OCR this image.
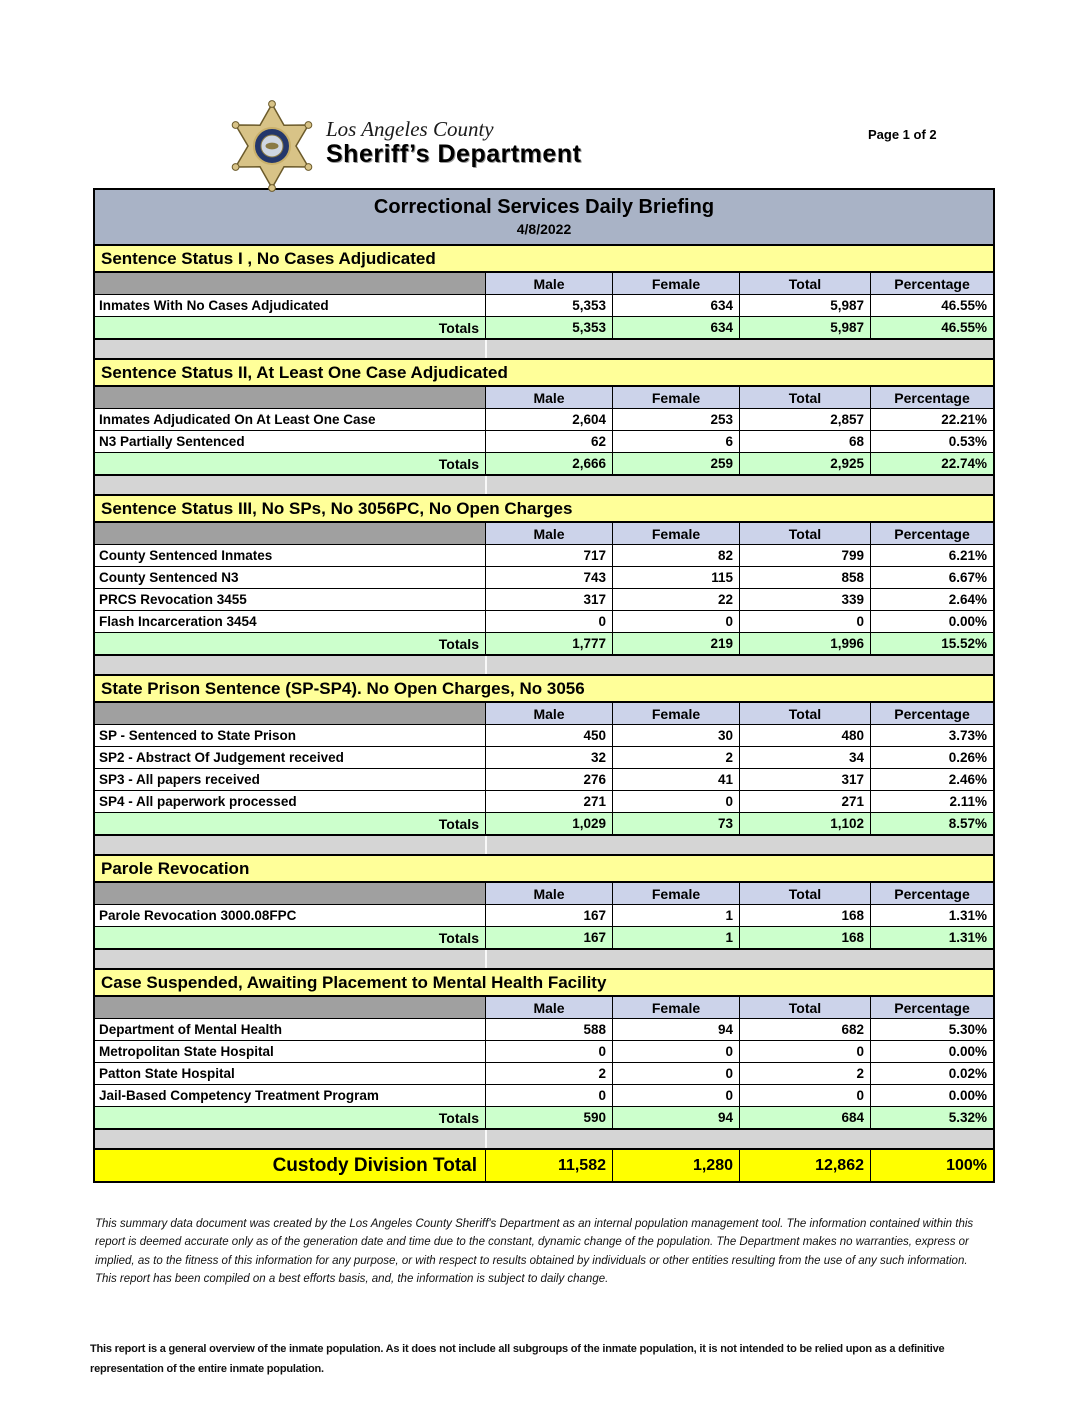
Los Angeles County
Sheriff’s Department
Page 1 of 2
Correctional Services Daily Briefing
4/8/2022
Sentence Status I , No Cases Adjudicated
Male	Female	Total	Percentage
Inmates With No Cases Adjudicated	5,353	634	5,987	46.55%
Totals	5,353	634	5,987	46.55%
Sentence Status II, At Least One Case Adjudicated
Male	Female	Total	Percentage
Inmates Adjudicated On At Least One Case	2,604	253	2,857	22.21%
N3 Partially Sentenced	62	6	68	0.53%
Totals	2,666	259	2,925	22.74%
Sentence Status III, No SPs, No 3056PC, No Open Charges
Male	Female	Total	Percentage
County Sentenced Inmates	717	82	799	6.21%
County Sentenced N3	743	115	858	6.67%
PRCS Revocation 3455	317	22	339	2.64%
Flash Incarceration 3454	0	0	0	0.00%
Totals	1,777	219	1,996	15.52%
State Prison Sentence (SP-SP4). No Open Charges, No 3056
Male	Female	Total	Percentage
SP - Sentenced to State Prison	450	30	480	3.73%
SP2 - Abstract Of Judgement received	32	2	34	0.26%
SP3 - All papers received	276	41	317	2.46%
SP4 - All paperwork processed	271	0	271	2.11%
Totals	1,029	73	1,102	8.57%
Parole Revocation
Male	Female	Total	Percentage
Parole Revocation 3000.08FPC	167	1	168	1.31%
Totals	167	1	168	1.31%
Case Suspended, Awaiting Placement to Mental Health Facility
Male	Female	Total	Percentage
Department of Mental Health	588	94	682	5.30%
Metropolitan State Hospital	0	0	0	0.00%
Patton State Hospital	2	0	2	0.02%
Jail-Based Competency Treatment Program	0	0	0	0.00%
Totals	590	94	684	5.32%
Custody Division Total	11,582	1,280	12,862	100%

This summary data document was created by the Los Angeles County Sheriff's Department as an internal population management tool. The information contained within this report is deemed accurate only as of the generation date and time due to the constant, dynamic change of the population. The Department makes no warranties, express or implied, as to the fitness of this information for any purpose, or with respect to results obtained by individuals or other entities resulting from the use of any such information. This report has been compiled on a best efforts basis, and, the information is subject to daily change.

This report is a general overview of the inmate population. As it does not include all subgroups of the inmate population, it is not intended to be relied upon as a definitive representation of the entire inmate population.
